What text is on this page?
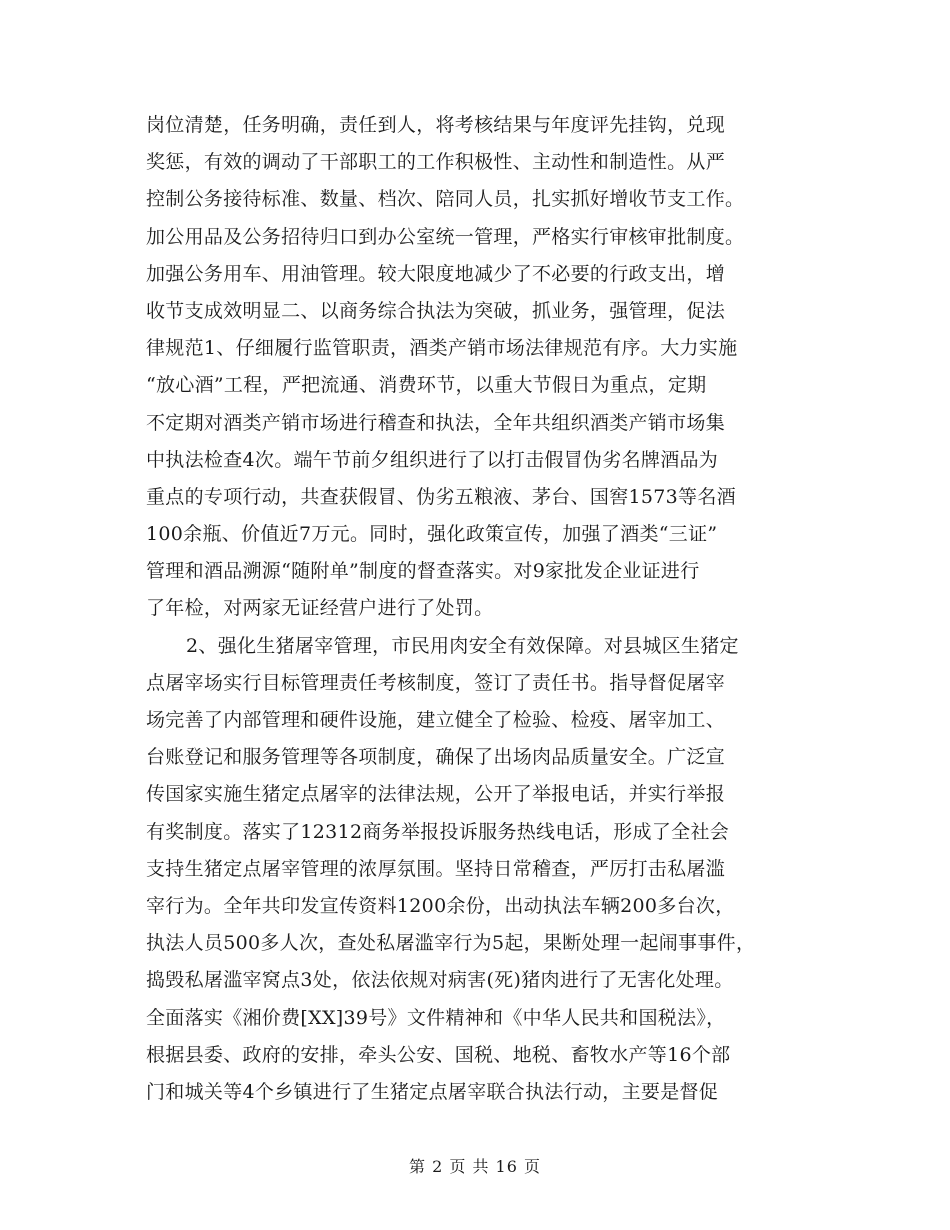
岗位清楚，任务明确，责任到人，将考核结果与年度评先挂钩，兑现
奖惩，有效的调动了干部职工的工作积极性、主动性和制造性。从严
控制公务接待标准、数量、档次、陪同人员，扎实抓好增收节支工作。
加公用品及公务招待归口到办公室统一管理，严格实行审核审批制度。
加强公务用车、用油管理。较大限度地减少了不必要的行政支出，增
收节支成效明显二、以商务综合执法为突破，抓业务，强管理，促法
律规范1、仔细履行监管职责，酒类产销市场法律规范有序。大力实施
“放心酒”工程，严把流通、消费环节，以重大节假日为重点，定期
不定期对酒类产销市场进行稽查和执法，全年共组织酒类产销市场集
中执法检查4次。端午节前夕组织进行了以打击假冒伪劣名牌酒品为
重点的专项行动，共查获假冒、伪劣五粮液、茅台、国窖1573等名酒
100余瓶、价值近7万元。同时，强化政策宣传，加强了酒类“三证”
管理和酒品溯源“随附单”制度的督查落实。对9家批发企业证进行
了年检，对两家无证经营户进行了处罚。
2、强化生猪屠宰管理，市民用肉安全有效保障。对县城区生猪定
点屠宰场实行目标管理责任考核制度，签订了责任书。指导督促屠宰
场完善了内部管理和硬件设施，建立健全了检验、检疫、屠宰加工、
台账登记和服务管理等各项制度，确保了出场肉品质量安全。广泛宣
传国家实施生猪定点屠宰的法律法规，公开了举报电话，并实行举报
有奖制度。落实了12312商务举报投诉服务热线电话，形成了全社会
支持生猪定点屠宰管理的浓厚氛围。坚持日常稽查，严厉打击私屠滥
宰行为。全年共印发宣传资料1200余份，出动执法车辆200多台次，
执法人员500多人次，查处私屠滥宰行为5起，果断处理一起闹事事件，
捣毁私屠滥宰窝点3处，依法依规对病害(死)猪肉进行了无害化处理。
全面落实《湘价费[XX]39号》文件精神和《中华人民共和国税法》，
根据县委、政府的安排，牵头公安、国税、地税、畜牧水产等16个部
门和城关等4个乡镇进行了生猪定点屠宰联合执法行动，主要是督促
第 2 页 共 16 页
